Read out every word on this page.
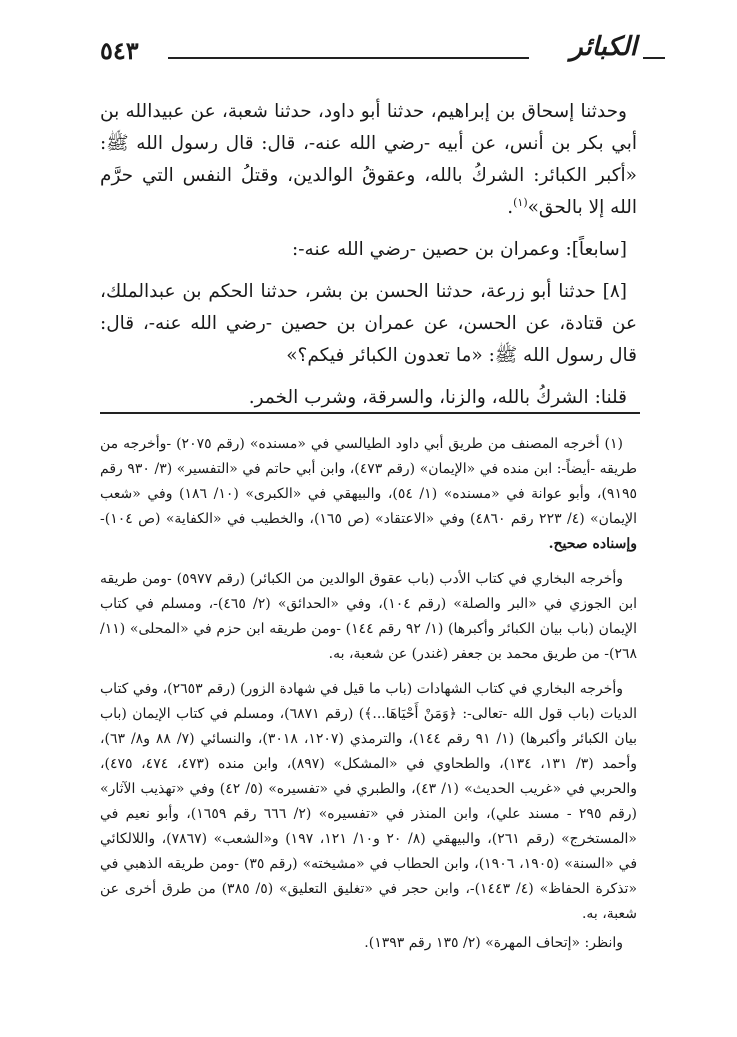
٥٤٣	الكبائر

وحدثنا إسحاق بن إبراهيم، حدثنا أبو داود، حدثنا شعبة، عن عبيدالله بن أبي بكر بن أنس، عن أبيه -رضي الله عنه-، قال: قال رسول الله ﷺ: «أكبر الكبائر: الشركُ بالله، وعقوقُ الوالدين، وقتلُ النفس التي حرَّم الله إلا بالحق»$^{(١)}$.

[سابعاً]: وعمران بن حصين -رضي الله عنه-:

[٨] حدثنا أبو زرعة، حدثنا الحسن بن بشر، حدثنا الحكم بن عبدالملك، عن قتادة، عن الحسن، عن عمران بن حصين -رضي الله عنه-، قال: قال رسول الله ﷺ: «ما تعدون الكبائر فيكم؟»

قلنا: الشركُ بالله، والزنا، والسرقة، وشرب الخمر.

(١) أخرجه المصنف من طريق أبي داود الطيالسي في «مسنده» (رقم ٢٠٧٥) -وأخرجه من طريقه -أيضاً-: ابن منده في «الإيمان» (رقم ٤٧٣)، وابن أبي حاتم في «التفسير» (٣/ ٩٣٠ رقم ٩١٩٥)، وأبو عوانة في «مسنده» (١/ ٥٤)، والبيهقي في «الكبرى» (١٠/ ١٨٦) وفي «شعب الإيمان» (٤/ ٢٢٣ رقم ٤٨٦٠) وفي «الاعتقاد» (ص ١٦٥)، والخطيب في «الكفاية» (ص ١٠٤)- وإسناده صحيح.

وأخرجه البخاري في كتاب الأدب (باب عقوق الوالدين من الكبائر) (رقم ٥٩٧٧) -ومن طريقه ابن الجوزي في «البر والصلة» (رقم ١٠٤)، وفي «الحدائق» (٢/ ٤٦٥)-، ومسلم في كتاب الإيمان (باب بيان الكبائر وأكبرها) (١/ ٩٢ رقم ١٤٤) -ومن طريقه ابن حزم في «المحلى» (١١/ ٢٦٨)- من طريق محمد بن جعفر (غندر) عن شعبة، به.

وأخرجه البخاري في كتاب الشهادات (باب ما قيل في شهادة الزور) (رقم ٢٦٥٣)، وفي كتاب الديات (باب قول الله -تعالى-: ﴿وَمَنْ أَحْيَاهَا...﴾) (رقم ٦٨٧١)، ومسلم في كتاب الإيمان (باب بيان الكبائر وأكبرها) (١/ ٩١ رقم ١٤٤)، والترمذي (١٢٠٧، ٣٠١٨)، والنسائي (٧/ ٨٨ و٨/ ٦٣)، وأحمد (٣/ ١٣١، ١٣٤)، والطحاوي في «المشكل» (٨٩٧)، وابن منده (٤٧٣، ٤٧٤، ٤٧٥)، والحربي في «غريب الحديث» (١/ ٤٣)، والطبري في «تفسيره» (٥/ ٤٢) وفي «تهذيب الآثار» (رقم ٢٩٥ - مسند علي)، وابن المنذر في «تفسيره» (٢/ ٦٦٦ رقم ١٦٥٩)، وأبو نعيم في «المستخرج» (رقم ٢٦١)، والبيهقي (٨/ ٢٠ و١٠/ ١٢١، ١٩٧) و«الشعب» (٧٨٦٧)، واللالكائي في «السنة» (١٩٠٥، ١٩٠٦)، وابن الحطاب في «مشيخته» (رقم ٣٥) -ومن طريقه الذهبي في «تذكرة الحفاظ» (٤/ ١٤٤٣)-، وابن حجر في «تغليق التعليق» (٥/ ٣٨٥) من طرق أخرى عن شعبة، به.

وانظر: «إتحاف المهرة» (٢/ ١٣٥ رقم ١٣٩٣).
